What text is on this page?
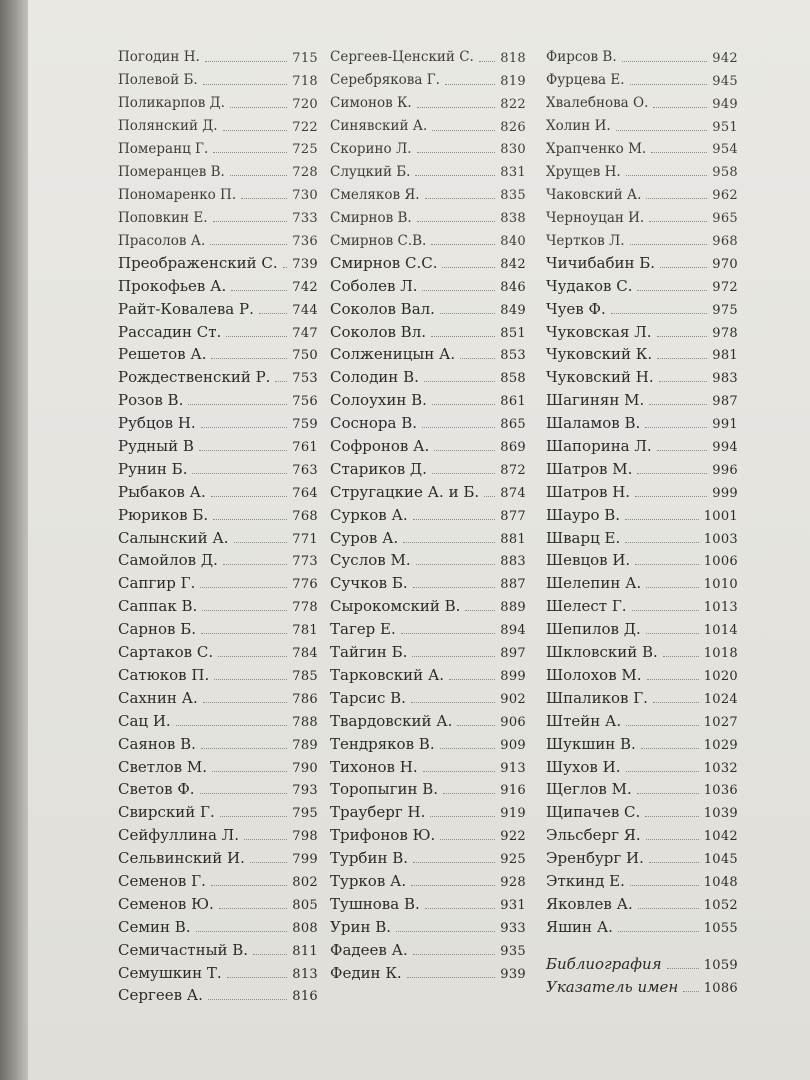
Погодин Н.	715
Полевой Б.	718
Поликарпов Д.	720
Полянский Д.	722
Померанц Г.	725
Померанцев В.	728
Пономаренко П.	730
Поповкин Е.	733
Прасолов А.	736
Преображенский С. 739
Прокофьев А.	742
Райт-Ковалева Р.	744
Рассадин Ст.	747
Решетов А.	750
Рождественский Р. 753
Розов В.	756
Рубцов Н.	759
Рудный В	761
Рунин Б.	763
Рыбаков А.	764
Рюриков Б.	768
Салынский А.	771
Самойлов Д.	773
Сапгир Г.	776
Саппак В.	778
Сарнов Б.	781
Сартаков С.	784
Сатюков П.	785
Сахнин А.	786
Сац И.	788
Саянов В.	789
Светлов М.	790
Светов Ф.	793
Свирский Г.	795
Сейфуллина Л.	798
Сельвинский И.	799
Семенов Г.	802
Семенов Ю.	805
Семин В.	808
Семичастный В.	811
Семушкин Т.	813
Сергеев А.	816
Сергеев-Ценский С. 818
Серебрякова Г.	819
Симонов К.	822
Синявский А.	826
Скорино Л.	830
Слуцкий Б.	831
Смеляков Я.	835
Смирнов В.	838
Смирнов С.В.	840
Смирнов С.С.	842
Соболев Л.	846
Соколов Вал.	849
Соколов Вл.	851
Солженицын А.	853
Солодин В.	858
Солоухин В.	861
Соснора В.	865
Софронов А.	869
Стариков Д.	872
Стругацкие А. и Б. 874
Сурков А.	877
Суров А.	881
Суслов М.	883
Сучков Б.	887
Сырокомский В.	889
Тагер Е.	894
Тайгин Б.	897
Тарковский А.	899
Тарсис В.	902
Твардовский А.	906
Тендряков В.	909
Тихонов Н.	913
Торопыгин В.	916
Трауберг Н.	919
Трифонов Ю.	922
Турбин В.	925
Турков А.	928
Тушнова В.	931
Урин В.	933
Фадеев А.	935
Федин К.	939
Фирсов В.	942
Фурцева Е.	945
Хвалебнова О.	949
Холин И.	951
Храпченко М.	954
Хрущев Н.	958
Чаковский А.	962
Черноуцан И.	965
Чертков Л.	968
Чичибабин Б.	970
Чудаков С.	972
Чуев Ф.	975
Чуковская Л.	978
Чуковский К.	981
Чуковский Н.	983
Шагинян М.	987
Шаламов В.	991
Шапорина Л.	994
Шатров М.	996
Шатров Н.	999
Шауро В.	1001
Шварц Е.	1003
Шевцов И.	1006
Шелепин А.	1010
Шелест Г.	1013
Шепилов Д.	1014
Шкловский В.	1018
Шолохов М.	1020
Шпаликов Г.	1024
Штейн А.	1027
Шукшин В.	1029
Шухов И.	1032
Щеглов М.	1036
Щипачев С.	1039
Эльсберг Я.	1042
Эренбург И.	1045
Эткинд Е.	1048
Яковлев А.	1052
Яшин А.	1055
Библиография	1059
Указатель имен 1086
